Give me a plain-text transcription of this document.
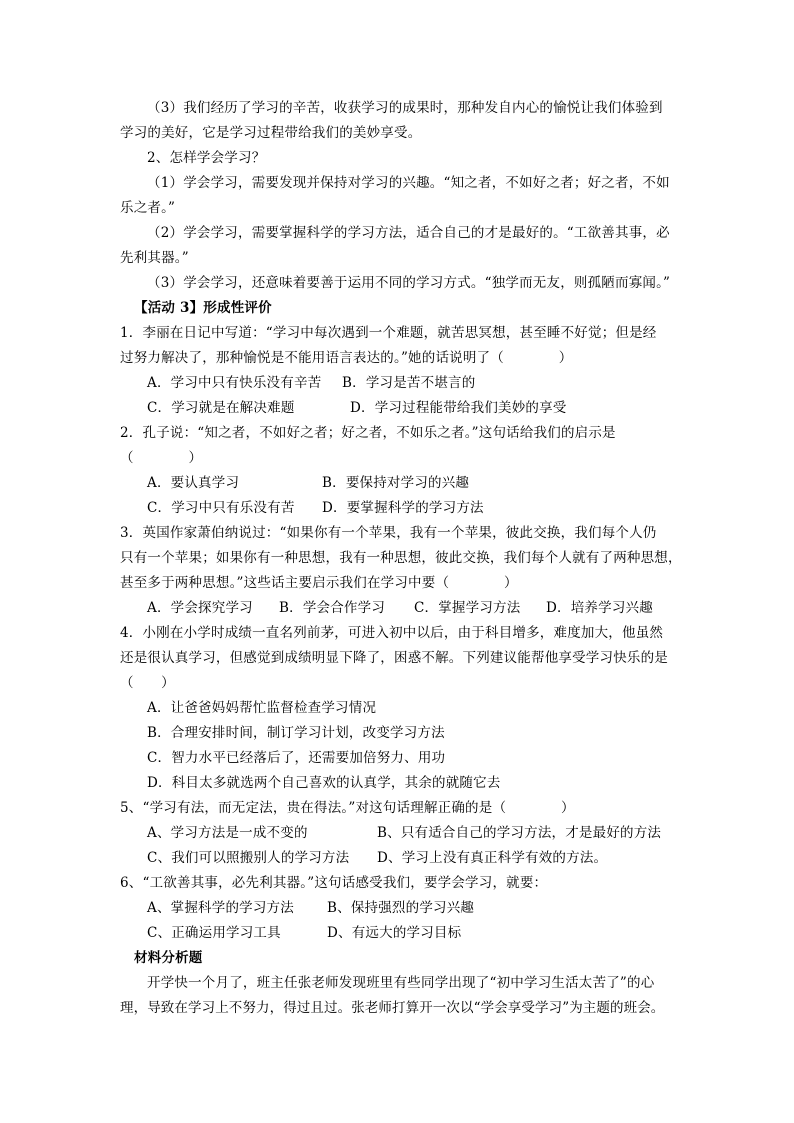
（3）我们经历了学习的辛苦，收获学习的成果时，那种发自内心的愉悦让我们体验到
学习的美好，它是学习过程带给我们的美妙享受。
2、怎样学会学习？
（1）学会学习，需要发现并保持对学习的兴趣。“知之者，不如好之者；好之者，不如
乐之者。”
（2）学会学习，需要掌握科学的学习方法，适合自己的才是最好的。“工欲善其事，必
先利其器。”
（3）学会学习，还意味着要善于运用不同的学习方式。“独学而无友，则孤陋而寡闻。”
【活动 3】形成性评价
1．李丽在日记中写道：“学习中每次遇到一个难题，就苦思冥想，甚至睡不好觉；但是经
过努力解决了，那种愉悦是不能用语言表达的。”她的话说明了（　　　　）
A．学习中只有快乐没有辛苦 B．学习是苦不堪言的
C．学习就是在解决难题	D．学习过程能带给我们美妙的享受
2．孔子说：“知之者，不如好之者；好之者，不如乐之者。”这句话给我们的启示是
（　　　　）
A．要认真学习	B．要保持对学习的兴趣
C．学习中只有乐没有苦 D．要掌握科学的学习方法
3．英国作家萧伯纳说过：“如果你有一个苹果，我有一个苹果，彼此交换，我们每个人仍
只有一个苹果；如果你有一种思想，我有一种思想，彼此交换，我们每个人就有了两种思想，
甚至多于两种思想。”这些话主要启示我们在学习中要（　　　　）
A．学会探究学习 B．学会合作学习 C．掌握学习方法 D．培养学习兴趣
4．小刚在小学时成绩一直名列前茅，可进入初中以后，由于科目增多，难度加大，他虽然
还是很认真学习，但感觉到成绩明显下降了，困惑不解。下列建议能帮他享受学习快乐的是
（　　）
A．让爸爸妈妈帮忙监督检查学习情况
B．合理安排时间，制订学习计划，改变学习方法
C．智力水平已经落后了，还需要加倍努力、用功
D．科目太多就选两个自己喜欢的认真学，其余的就随它去
5、“学习有法，而无定法，贵在得法。”对这句话理解正确的是（　　　　）
A、学习方法是一成不变的	B、只有适合自己的学习方法，才是最好的方法
C、我们可以照搬别人的学习方法 D、学习上没有真正科学有效的方法。
6、“工欲善其事，必先利其器。”这句话感受我们，要学会学习，就要：
A、掌握科学的学习方法 B、保持强烈的学习兴趣
C、正确运用学习工具	D、有远大的学习目标
材料分析题
开学快一个月了，班主任张老师发现班里有些同学出现了“初中学习生活太苦了”的心
理，导致在学习上不努力，得过且过。张老师打算开一次以“学会享受学习”为主题的班会。
